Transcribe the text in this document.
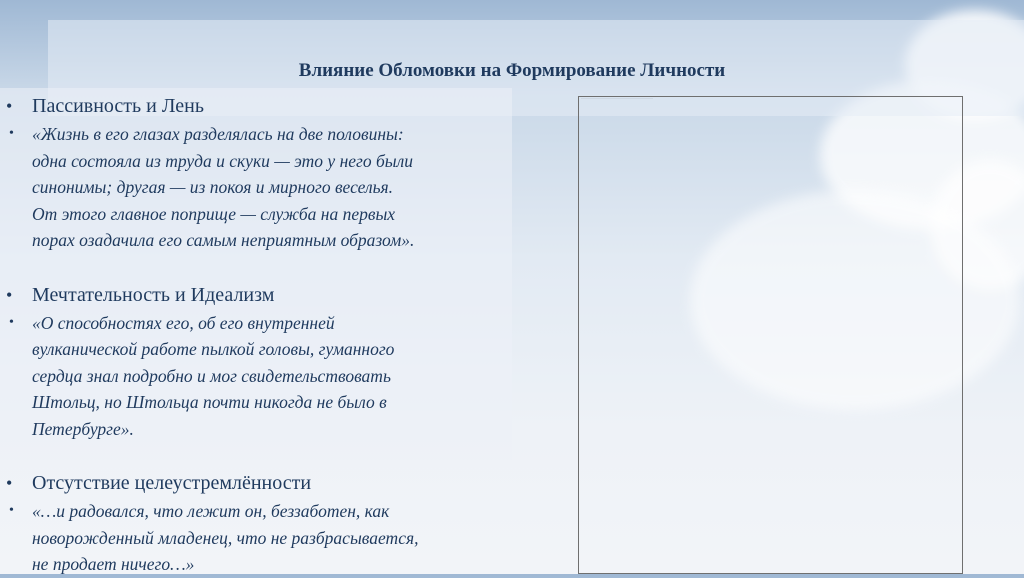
Влияние Обломовки на Формирование Личности
• Пассивность и Лень
• «Жизнь в его глазах разделялась на две половины:
одна состояла из труда и скуки — это у него были
синонимы; другая — из покоя и мирного веселья.
От этого главное поприще — служба на первых
порах озадачила его самым неприятным образом».
• Мечтательность и Идеализм
• «О способностях его, об его внутренней
вулканической работе пылкой головы, гуманного
сердца знал подробно и мог свидетельствовать
Штольц, но Штольца почти никогда не было в
Петербурге».
• Отсутствие целеустремлённости
• «…и радовался, что лежит он, беззаботен, как
новорожденный младенец, что не разбрасывается,
не продает ничего…»
………………………………………………………………………………………………
